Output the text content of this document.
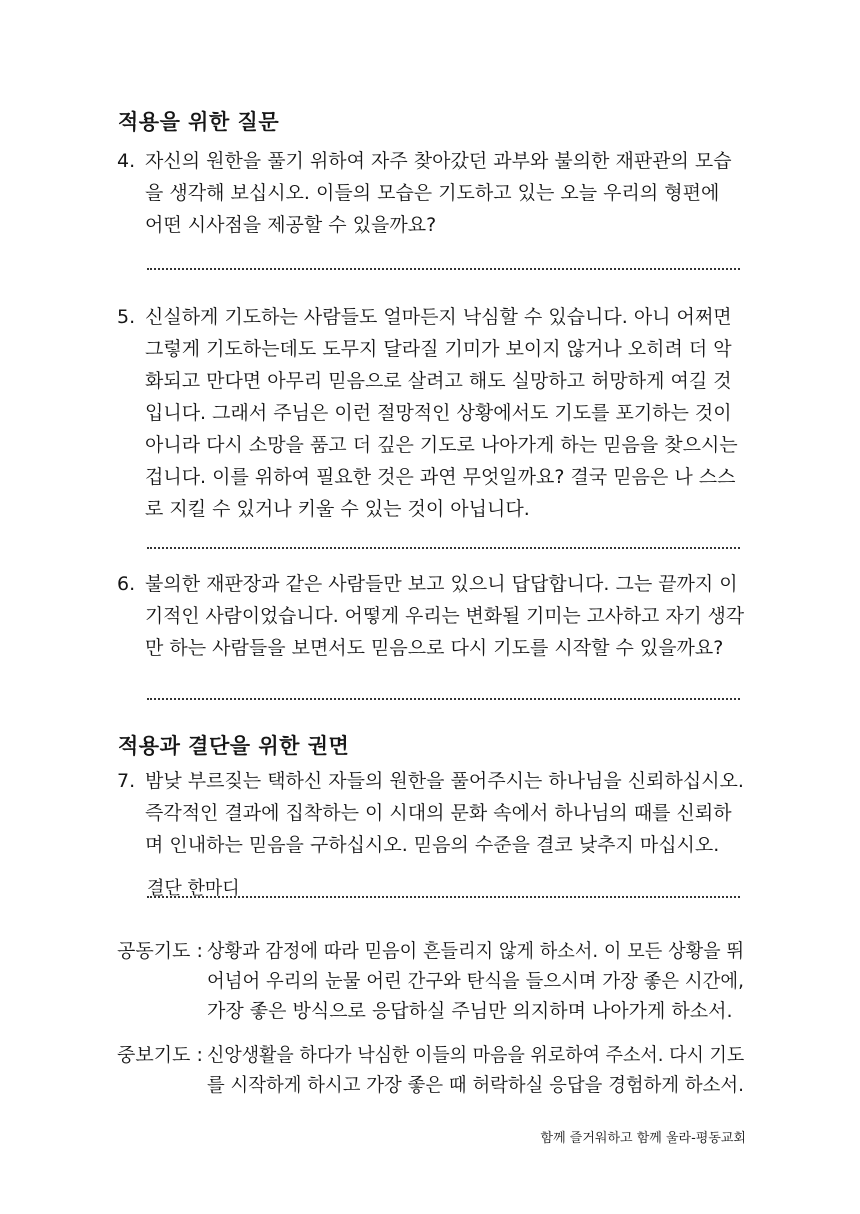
적용을 위한 질문
4. 자신의 원한을 풀기 위하여 자주 찾아갔던 과부와 불의한 재판관의 모습
을 생각해 보십시오. 이들의 모습은 기도하고 있는 오늘 우리의 형편에
어떤 시사점을 제공할 수 있을까요?
5. 신실하게 기도하는 사람들도 얼마든지 낙심할 수 있습니다. 아니 어쩌면
그렇게 기도하는데도 도무지 달라질 기미가 보이지 않거나 오히려 더 악
화되고 만다면 아무리 믿음으로 살려고 해도 실망하고 허망하게 여길 것
입니다. 그래서 주님은 이런 절망적인 상황에서도 기도를 포기하는 것이
아니라 다시 소망을 품고 더 깊은 기도로 나아가게 하는 믿음을 찾으시는
겁니다. 이를 위하여 필요한 것은 과연 무엇일까요? 결국 믿음은 나 스스
로 지킬 수 있거나 키울 수 있는 것이 아닙니다.
6. 불의한 재판장과 같은 사람들만 보고 있으니 답답합니다. 그는 끝까지 이
기적인 사람이었습니다. 어떻게 우리는 변화될 기미는 고사하고 자기 생각
만 하는 사람들을 보면서도 믿음으로 다시 기도를 시작할 수 있을까요?
적용과 결단을 위한 권면
7. 밤낮 부르짖는 택하신 자들의 원한을 풀어주시는 하나님을 신뢰하십시오.
즉각적인 결과에 집착하는 이 시대의 문화 속에서 하나님의 때를 신뢰하
며 인내하는 믿음을 구하십시오. 믿음의 수준을 결코 낮추지 마십시오.
결단 한마디
공동기도 : 상황과 감정에 따라 믿음이 흔들리지 않게 하소서. 이 모든 상황을 뛰
어넘어 우리의 눈물 어린 간구와 탄식을 들으시며 가장 좋은 시간에,
가장 좋은 방식으로 응답하실 주님만 의지하며 나아가게 하소서.
중보기도 : 신앙생활을 하다가 낙심한 이들의 마음을 위로하여 주소서. 다시 기도
를 시작하게 하시고 가장 좋은 때 허락하실 응답을 경험하게 하소서.
함께 즐거워하고 함께 울라-평동교회
